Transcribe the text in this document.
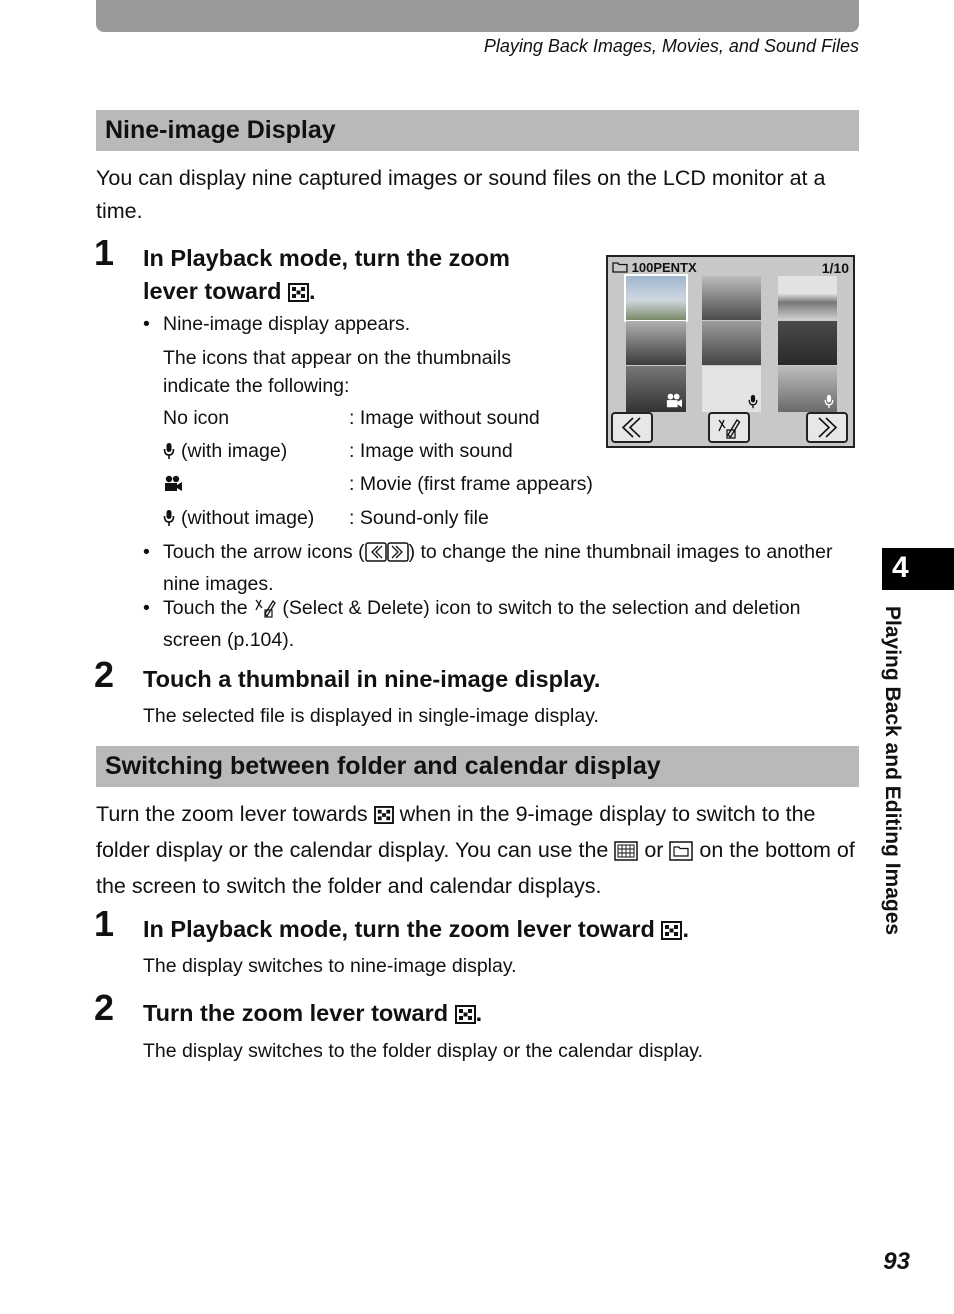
Playing Back Images, Movies, and Sound Files
Nine-image Display
You can display nine captured images or sound files on the LCD monitor at a time.
1 In Playback mode, turn the zoom
lever toward .
• Nine-image display appears.
The icons that appear on the thumbnails indicate the following:
No icon	: Image without sound
(with image)	: Image with sound
: Movie (first frame appears)
(without image) : Sound-only file
• Touch the arrow icons ( ) to change the nine thumbnail images to another nine images.
• Touch the (Select & Delete) icon to switch to the selection and deletion screen (p.104).
100PENTX	1/10
2 Touch a thumbnail in nine-image display.
The selected file is displayed in single-image display.
Switching between folder and calendar display
Turn the zoom lever towards when in the 9-image display to switch to the folder display or the calendar display. You can use the or on the bottom of the screen to switch the folder and calendar displays.
1 In Playback mode, turn the zoom lever toward .
The display switches to nine-image display.
2 Turn the zoom lever toward .
The display switches to the folder display or the calendar display.
4
Playing Back and Editing Images
93
